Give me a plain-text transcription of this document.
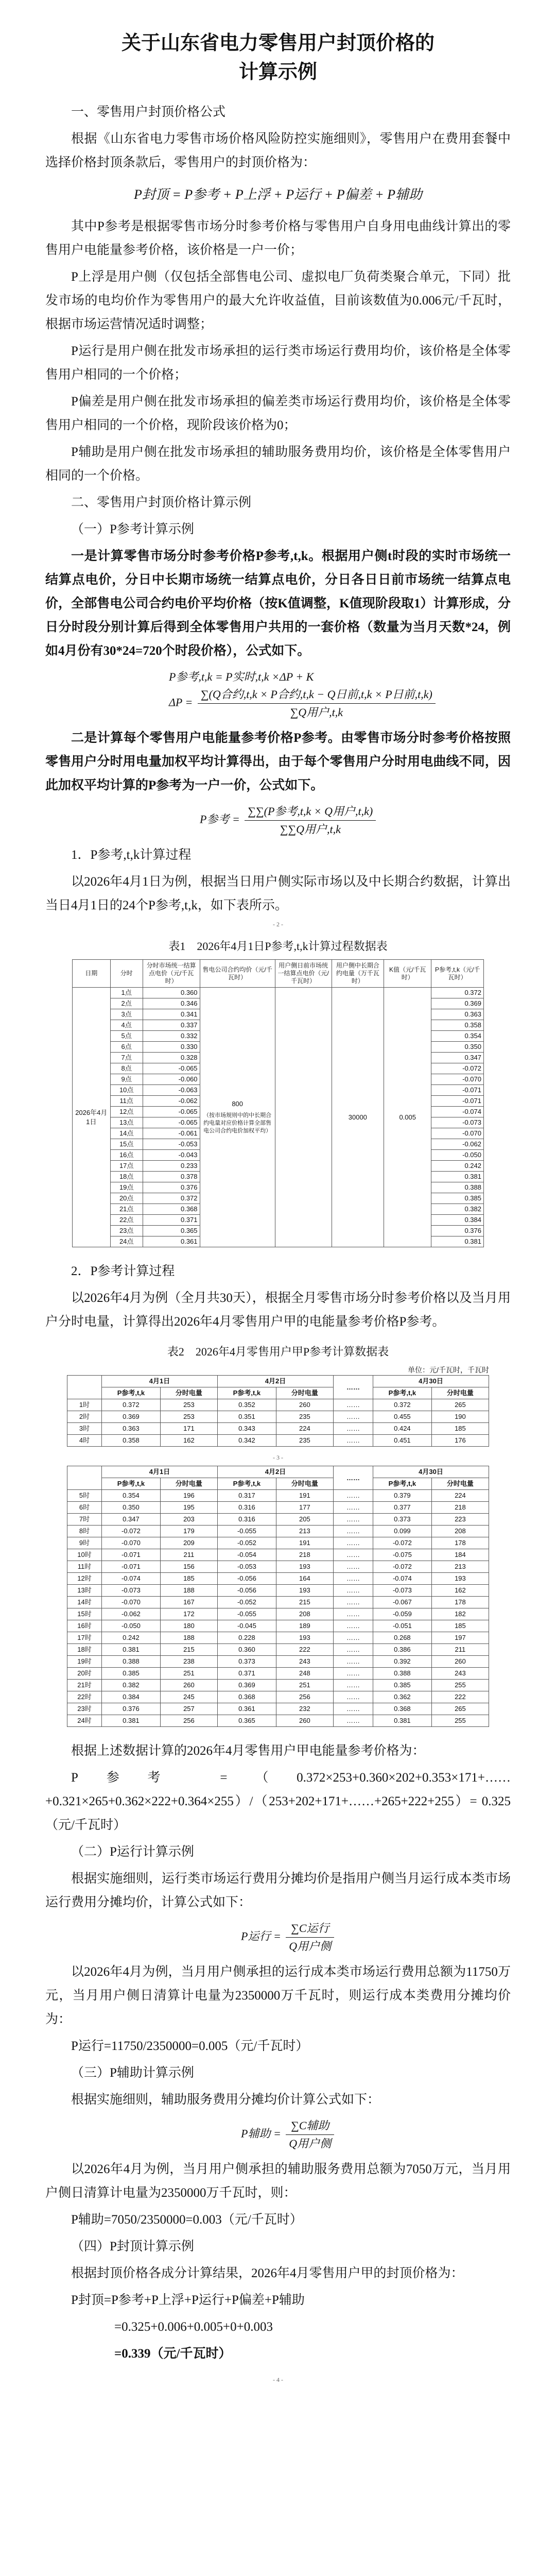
关于山东省电力零售用户封顶价格的
计算示例

一、零售用户封顶价格公式

根据《山东省电力零售市场价格风险防控实施细则》，零售用户在费用套餐中选择价格封顶条款后，零售用户的封顶价格为：

P封顶 = P参考 + P上浮 + P运行 + P偏差 + P辅助

其中P参考是根据零售市场分时参考价格与零售用户自身用电曲线计算出的零售用户电能量参考价格，该价格是一户一价；

P上浮是用户侧（仅包括全部售电公司、虚拟电厂负荷类聚合单元，下同）批发市场的电均价作为零售用户的最大允许收益值，目前该数值为0.006元/千瓦时，根据市场运营情况适时调整；

P运行是用户侧在批发市场承担的运行类市场运行费用均价，该价格是全体零售用户相同的一个价格；

P偏差是用户侧在批发市场承担的偏差类市场运行费用均价，该价格是全体零售用户相同的一个价格，现阶段该价格为0；

P辅助是用户侧在批发市场承担的辅助服务费用均价，该价格是全体零售用户相同的一个价格。

二、零售用户封顶价格计算示例

（一）P参考计算示例

一是计算零售市场分时参考价格P参考,t,k。根据用户侧t时段的实时市场统一结算点电价，分日中长期市场统一结算点电价，分日各日日前市场统一结算点电价，全部售电公司合约电价平均价格（按K值调整，K值现阶段取1）计算形成，分日分时段分别计算后得到全体零售用户共用的一套价格（数量为当月天数*24，例如4月份有30*24=720个时段价格），公式如下。

P参考,t,k = P实时,t,k ×ΔP + K
$\Delta P = \frac{\text{∑(Q合约,t,k × P合约,t,k − Q日前,t,k × P日前,t,k)}}{\text{∑Q用户,t,k}}$

二是计算每个零售用户电能量参考价格P参考。由零售市场分时参考价格按照零售用户分时用电量加权平均计算得出，由于每个零售用户分时用电曲线不同，因此加权平均计算的P参考为一户一价，公式如下。

P参考 = $\frac{\text{∑∑(P参考,t,k × Q用户,t,k)}}{\text{∑∑Q用户,t,k}}$

1．P参考,t,k计算过程

以2026年4月1日为例，根据当日用户侧实际市场以及中长期合约数据，计算出当日4月1日的24个P参考,t,k，如下表所示。

- 2 -
表1　2026年4月1日P参考,t,k计算过程数据表
日期	分时	分时市场统一结算点电价（元/千瓦时）	售电公司合约均价（元/千瓦时）	用户侧日前市场统一结算点电价（元/千瓦时）	用户侧中长期合约电量（万千瓦时）	K值（元/千瓦时）	P参考,t,k（元/千瓦时）
2026年4月1日	1点	0.360	800
（按市场规则中的中长期合约电量对应价格计算全部售电公司合约电价加权平均）		30000	0.005	0.372
	2点	0.346					0.369
	3点	0.341					0.363
	4点	0.337					0.358
	5点	0.332					0.354
	6点	0.330					0.350
	7点	0.328					0.347
	8点	-0.065					-0.072
	9点	-0.060					-0.070
	10点	-0.063					-0.071
	11点	-0.062					-0.071
	12点	-0.065					-0.074
	13点	-0.065					-0.073
	14点	-0.061					-0.070
	15点	-0.053					-0.062
	16点	-0.043					-0.050
	17点	0.233					0.242
	18点	0.378					0.381
	19点	0.376					0.388
	20点	0.372					0.385
	21点	0.368					0.382
	22点	0.371					0.384
	23点	0.365					0.376
	24点	0.361					0.381

2．P参考计算过程

以2026年4月为例（全月共30天），根据全月零售市场分时参考价格以及当月用户分时电量，计算得出2026年4月零售用户甲的电能量参考价格P参考。

表2　2026年4月零售用户甲P参考计算数据表
单位：元/千瓦时，千瓦时
	4月1日		4月2日		……	4月30日	
	P参考,t,k	分时电量	P参考,t,k	分时电量		P参考,t,k	分时电量
1时	0.372	253	0.352	260	……	0.372	265
2时	0.369	253	0.351	235	……	0.455	190
3时	0.363	171	0.343	224	……	0.424	185
4时	0.358	162	0.342	235	……	0.451	176
- 3 -
	4月1日		4月2日		……	4月30日	
	P参考,t,k	分时电量	P参考,t,k	分时电量		P参考,t,k	分时电量
5时	0.354	196	0.317	191	……	0.379	224
6时	0.350	195	0.316	177	……	0.377	218
7时	0.347	203	0.316	205	……	0.373	223
8时	-0.072	179	-0.055	213	……	0.099	208
9时	-0.070	209	-0.052	191	……	-0.072	178
10时	-0.071	211	-0.054	218	……	-0.075	184
11时	-0.071	156	-0.053	193	……	-0.072	213
12时	-0.074	185	-0.056	164	……	-0.074	193
13时	-0.073	188	-0.056	193	……	-0.073	162
14时	-0.070	167	-0.052	215	……	-0.067	178
15时	-0.062	172	-0.055	208	……	-0.059	182
16时	-0.050	180	-0.045	189	……	-0.051	185
17时	0.242	188	0.228	193	……	0.268	197
18时	0.381	215	0.360	222	……	0.386	211
19时	0.388	238	0.373	243	……	0.392	260
20时	0.385	251	0.371	248	……	0.388	243
21时	0.382	260	0.369	251	……	0.385	255
22时	0.384	245	0.368	256	……	0.362	222
23时	0.376	257	0.361	232	……	0.368	265
24时	0.381	256	0.365	260	……	0.381	255

根据上述数据计算的2026年4月零售用户甲电能量参考价格为：

P参考 =（0.372×253+0.360×202+0.353×171+……+0.321×265+0.362×222+0.364×255）/（253+202+171+……+265+222+255）= 0.325（元/千瓦时）

（二）P运行计算示例

根据实施细则，运行类市场运行费用分摊均价是指用户侧当月运行成本类市场运行费用分摊均价，计算公式如下：

P运行 = $\frac{\text{∑C运行}}{\text{Q用户侧}}$

以2026年4月为例，当月用户侧承担的运行成本类市场运行费用总额为11750万元，当月用户侧日清算计电量为2350000万千瓦时，则运行成本类费用分摊均价为：

P运行=11750/2350000=0.005（元/千瓦时）

（三）P辅助计算示例

根据实施细则，辅助服务费用分摊均价计算公式如下：

P辅助 = $\frac{\text{∑C辅助}}{\text{Q用户侧}}$

以2026年4月为例，当月用户侧承担的辅助服务费用总额为7050万元，当月用户侧日清算计电量为2350000万千瓦时，则：

P辅助=7050/2350000=0.003（元/千瓦时）

（四）P封顶计算示例

根据封顶价格各成分计算结果，2026年4月零售用户甲的封顶价格为：

P封顶=P参考+P上浮+P运行+P偏差+P辅助

=0.325+0.006+0.005+0+0.003

=0.339（元/千瓦时）

- 4 -
